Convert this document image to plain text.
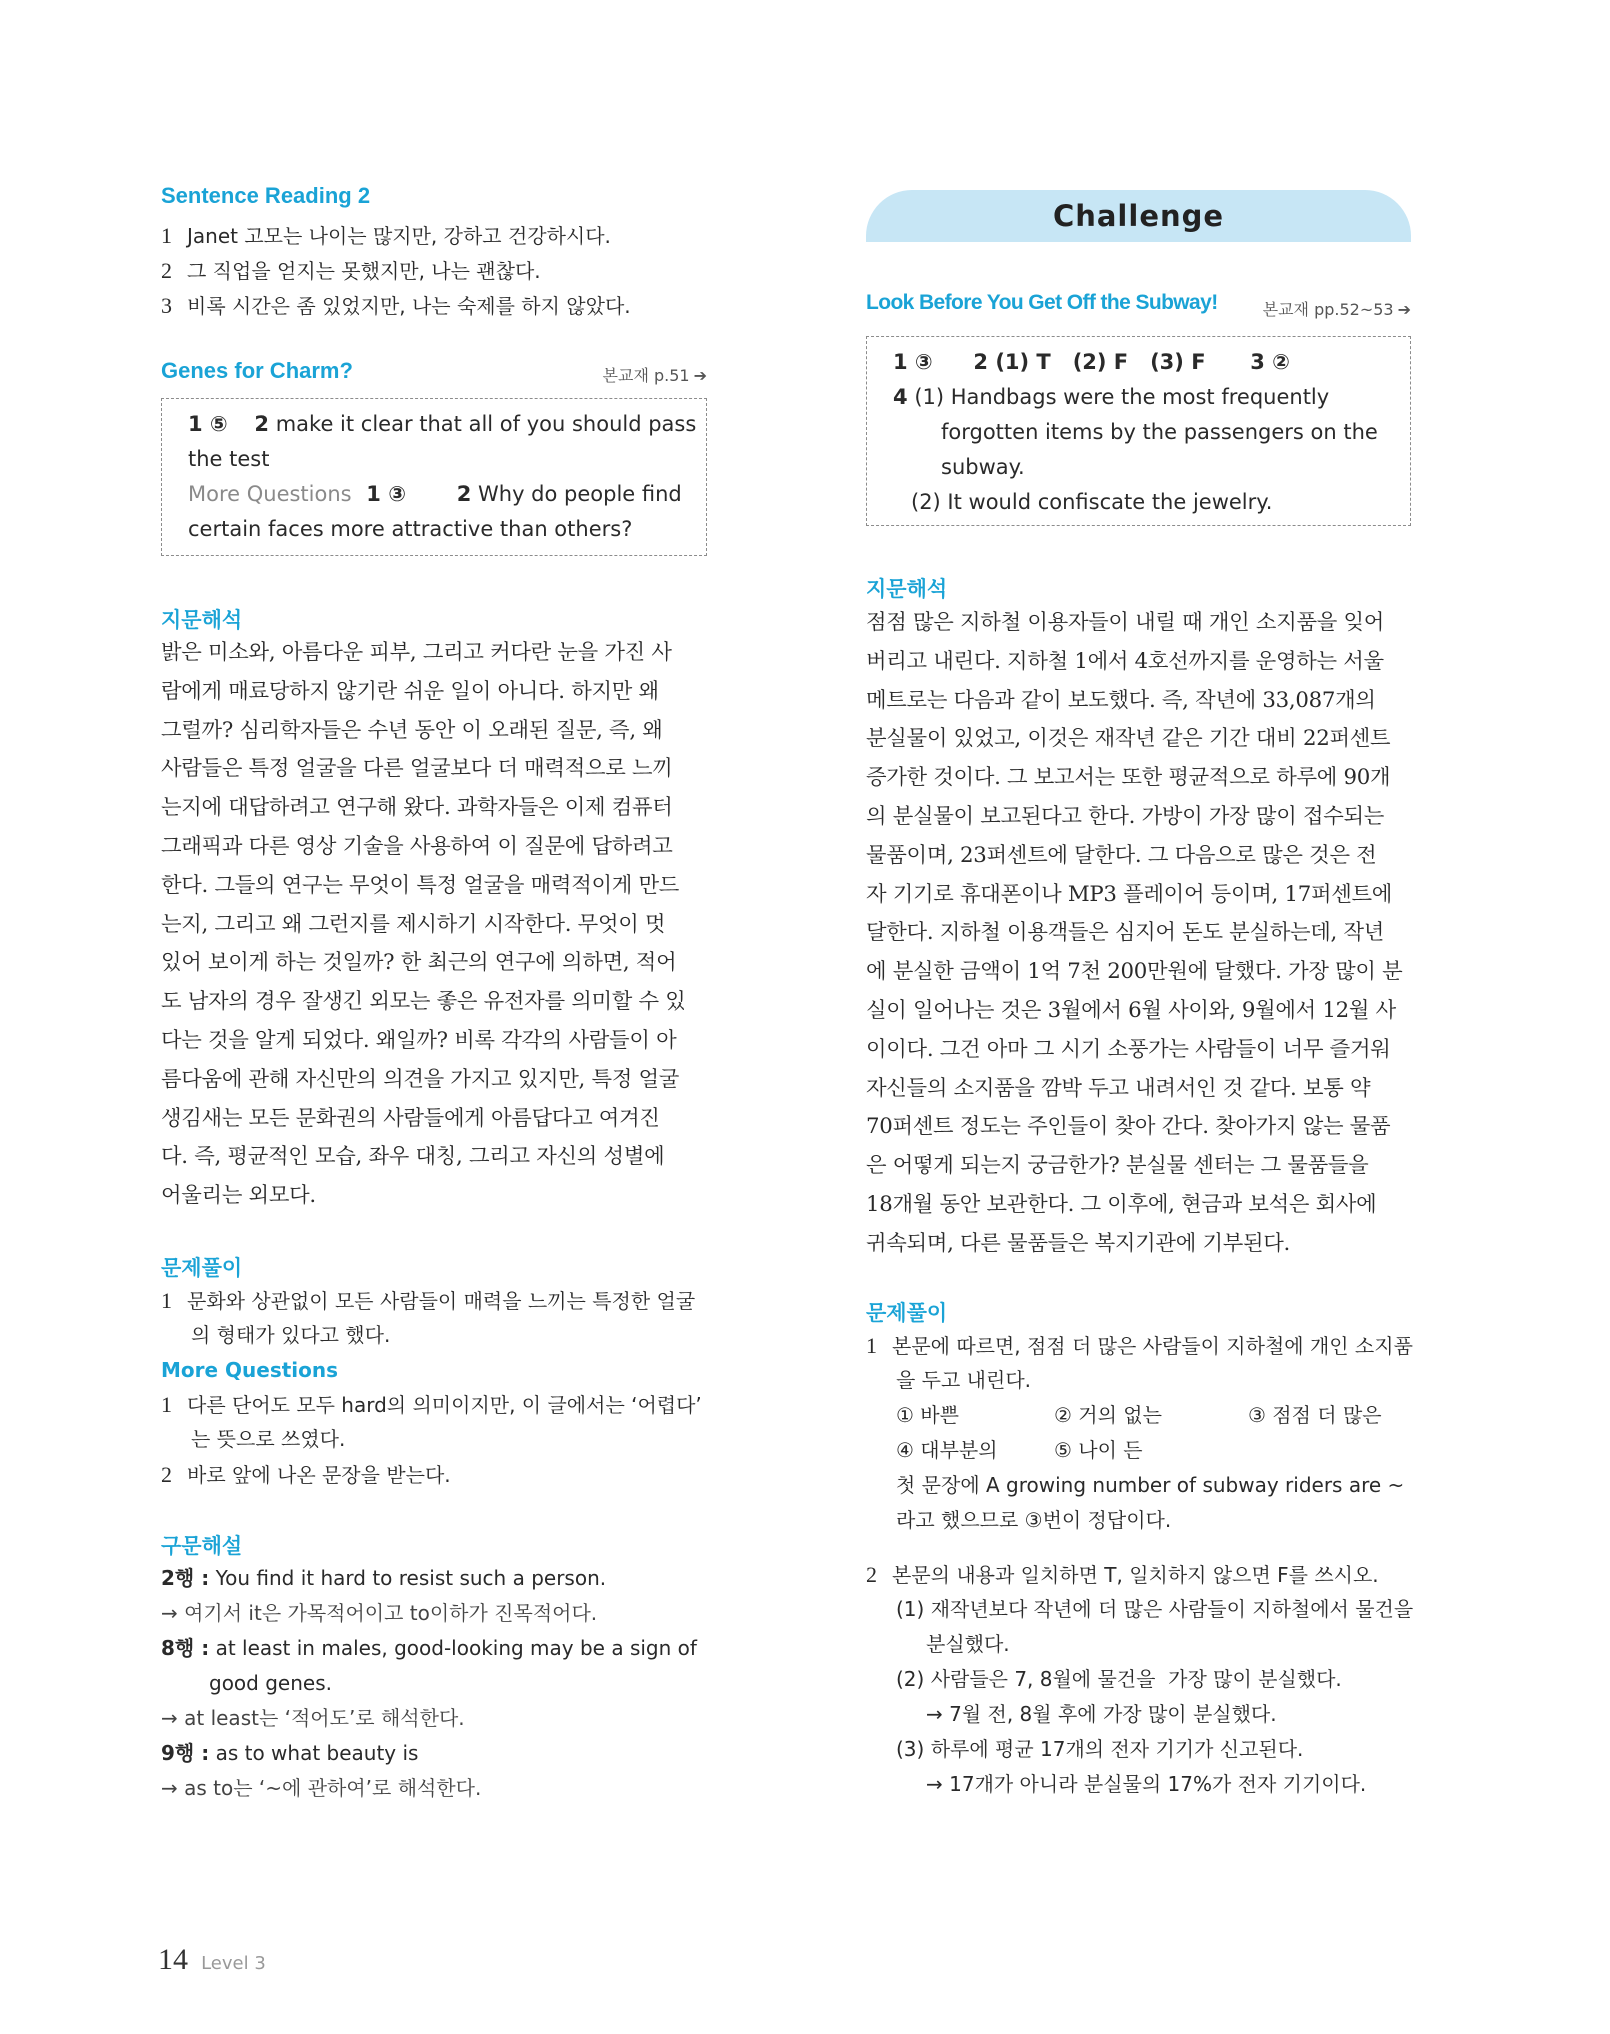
Sentence Reading 2
1 Janet 고모는 나이는 많지만, 강하고 건강하시다.
2 그 직업을 얻지는 못했지만, 나는 괜찮다.
3 비록 시간은 좀 있었지만, 나는 숙제를 하지 않았다.
Genes for Charm?	본교재 p.51 ➔
1 ⑤ 2 make it clear that all of you should pass
the test
More Questions 1 ③ 2 Why do people find
certain faces more attractive than others?
지문해석

밝은 미소와, 아름다운 피부, 그리고 커다란 눈을 가진 사

람에게 매료당하지 않기란 쉬운 일이 아니다. 하지만 왜

그럴까? 심리학자들은 수년 동안 이 오래된 질문, 즉, 왜

사람들은 특정 얼굴을 다른 얼굴보다 더 매력적으로 느끼

는지에 대답하려고 연구해 왔다. 과학자들은 이제 컴퓨터

그래픽과 다른 영상 기술을 사용하여 이 질문에 답하려고

한다. 그들의 연구는 무엇이 특정 얼굴을 매력적이게 만드

는지, 그리고 왜 그런지를 제시하기 시작한다. 무엇이 멋

있어 보이게 하는 것일까? 한 최근의 연구에 의하면, 적어

도 남자의 경우 잘생긴 외모는 좋은 유전자를 의미할 수 있

다는 것을 알게 되었다. 왜일까? 비록 각각의 사람들이 아

름다움에 관해 자신만의 의견을 가지고 있지만, 특정 얼굴

생김새는 모든 문화권의 사람들에게 아름답다고 여겨진

다. 즉, 평균적인 모습, 좌우 대칭, 그리고 자신의 성별에

어울리는 외모다.

문제풀이
1 문화와 상관없이 모든 사람들이 매력을 느끼는 특정한 얼굴
의 형태가 있다고 했다.
More Questions
1 다른 단어도 모두 hard의 의미이지만, 이 글에서는 ‘어렵다’
는 뜻으로 쓰였다.
2 바로 앞에 나온 문장을 받는다.
구문해설
2행 : You find it hard to resist such a person.
→ 여기서 it은 가목적어이고 to이하가 진목적어다.
8행 : at least in males, good-looking may be a sign of
good genes.
→ at least는 ‘적어도’로 해석한다.
9행 : as to what beauty is
→ as to는 ‘~에 관하여’로 해석한다.
Challenge
Look Before You Get Off the Subway!	본교재 pp.52~53 ➔
1 ③ 2 (1) T   (2) F   (3) F 3 ②
4 (1) Handbags were the most frequently
forgotten items by the passengers on the
subway.
(2) It would confiscate the jewelry.
지문해석

점점 많은 지하철 이용자들이 내릴 때 개인 소지품을 잊어

버리고 내린다. 지하철 1에서 4호선까지를 운영하는 서울

메트로는 다음과 같이 보도했다. 즉, 작년에 33,087개의

분실물이 있었고, 이것은 재작년 같은 기간 대비 22퍼센트

증가한 것이다. 그 보고서는 또한 평균적으로 하루에 90개

의 분실물이 보고된다고 한다. 가방이 가장 많이 접수되는

물품이며, 23퍼센트에 달한다. 그 다음으로 많은 것은 전

자 기기로 휴대폰이나 MP3 플레이어 등이며, 17퍼센트에

달한다. 지하철 이용객들은 심지어 돈도 분실하는데, 작년

에 분실한 금액이 1억 7천 200만원에 달했다. 가장 많이 분

실이 일어나는 것은 3월에서 6월 사이와, 9월에서 12월 사

이이다. 그건 아마 그 시기 소풍가는 사람들이 너무 즐거워

자신들의 소지품을 깜박 두고 내려서인 것 같다. 보통 약

70퍼센트 정도는 주인들이 찾아 간다. 찾아가지 않는 물품

은 어떻게 되는지 궁금한가? 분실물 센터는 그 물품들을

18개월 동안 보관한다. 그 이후에, 현금과 보석은 회사에

귀속되며, 다른 물품들은 복지기관에 기부된다.

문제풀이
1 본문에 따르면, 점점 더 많은 사람들이 지하철에 개인 소지품
을 두고 내린다.
① 바쁜	② 거의 없는	③ 점점 더 많은
④ 대부분의	⑤ 나이 든
첫 문장에 A growing number of subway riders are ~
라고 했으므로 ③번이 정답이다.
2 본문의 내용과 일치하면 T, 일치하지 않으면 F를 쓰시오.
(1) 재작년보다 작년에 더 많은 사람들이 지하철에서 물건을
분실했다.
(2) 사람들은 7, 8월에 물건을  가장 많이 분실했다.
→ 7월 전, 8월 후에 가장 많이 분실했다.
(3) 하루에 평균 17개의 전자 기기가 신고된다.
→ 17개가 아니라 분실물의 17%가 전자 기기이다.
14 Level 3
